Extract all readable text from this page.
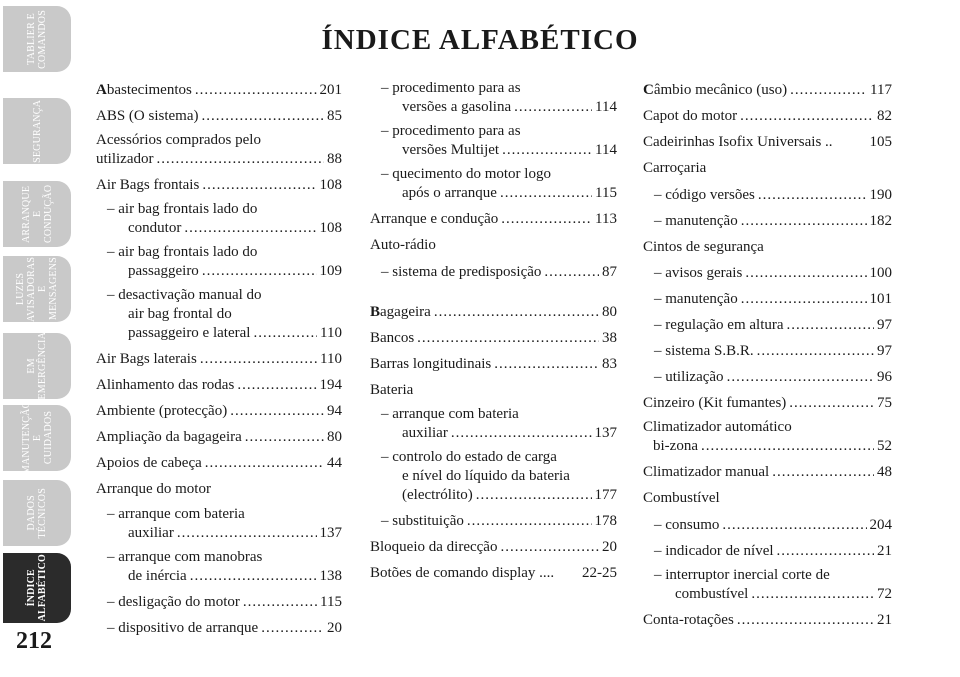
TABLIER E
COMANDOS
SEGURANÇA
ARRANQUE E
CONDUÇÃO
LUZES
AVISADORAS
E MENSAGENS
EM
EMERGÊNCIA
MANUTENÇÃO E
CUIDADOS
DADOS
TÉCNICOS
ÍNDICE
ALFABÉTICO
212
ÍNDICE ALFABÉTICO
Abastecimentos .....	201
ABS (O sistema) .....	85
Acessórios comprados pelo
utilizador .....	88
Air Bags frontais .....	108
– air bag frontais lado do
condutor .....	108
– air bag frontais lado do
passaggeiro .....	109
– desactivação manual do
air bag frontal do
passaggeiro e lateral .....	110
Air Bags laterais .....	110
Alinhamento das rodas .....	194
Ambiente (protecção) .....	94
Ampliação da bagageira .....	80
Apoios de cabeça .....	44
Arranque do motor
– arranque com bateria
auxiliar .....	137
– arranque com manobras
de inércia .....	138
– desligação do motor .....	115
– dispositivo de arranque .....	20
– procedimento para as
versões a gasolina .....	114
– procedimento para as
versões Multijet .....	114
– quecimento do motor logo
após o arranque .....	115
Arranque e condução .....	113
Auto-rádio
– sistema de predisposição .....	87
Bagageira .....	80
Bancos .....	38
Barras longitudinais .....	83
Bateria
– arranque com bateria
auxiliar .....	137
– controlo do estado de carga
e nível do líquido da bateria
(electrólito) .....	177
– substituição .....	178
Bloqueio da direcção .....	20
Botões de comando display .... 22-25
Câmbio mecânico (uso) .....	117
Capot do motor .....	82
Cadeirinhas Isofix Universais .. 105
Carroçaria
– código versões .....	190
– manutenção .....	182
Cintos de segurança
– avisos gerais .....	100
– manutenção .....	101
– regulação em altura .....	97
– sistema S.B.R. .....	97
– utilização .....	96
Cinzeiro (Kit fumantes) .....	75
Climatizador automático
bi-zona .....	52
Climatizador manual .....	48
Combustível
– consumo .....	204
– indicador de nível .....	21
– interruptor inercial corte de
combustível .....	72
Conta-rotações .....	21
